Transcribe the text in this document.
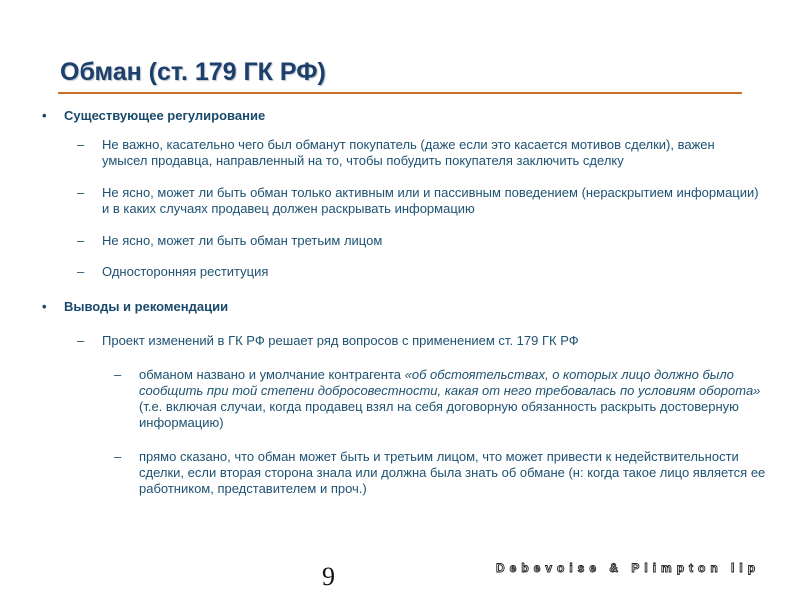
Обман (ст. 179 ГК РФ)
• Существующее регулирование
– Не важно, касательно чего был обманут покупатель (даже если это касается мотивов сделки), важен умысел продавца, направленный на то, чтобы побудить покупателя заключить сделку
– Не ясно, может ли быть обман только активным или и пассивным поведением (нераскрытием информации) и в каких случаях продавец должен раскрывать информацию
– Не ясно, может ли быть обман третьим лицом
– Односторонняя реституция
• Выводы и рекомендации
– Проект изменений в ГК РФ решает ряд вопросов с применением ст. 179 ГК РФ
– обманом названо и умолчание контрагента «об обстоятельствах, о которых лицо должно было сообщить при той степени добросовестности, какая от него требовалась по условиям оборота» (т.е. включая случаи, когда продавец взял на себя договорную обязанность раскрыть достоверную информацию)
– прямо сказано, что обман может быть и третьим лицом, что может привести к недействительности сделки, если вторая сторона знала или должна была знать об обмане (н: когда такое лицо является ее работником, представителем и проч.)
9	Debevoise & Plimpton llp
